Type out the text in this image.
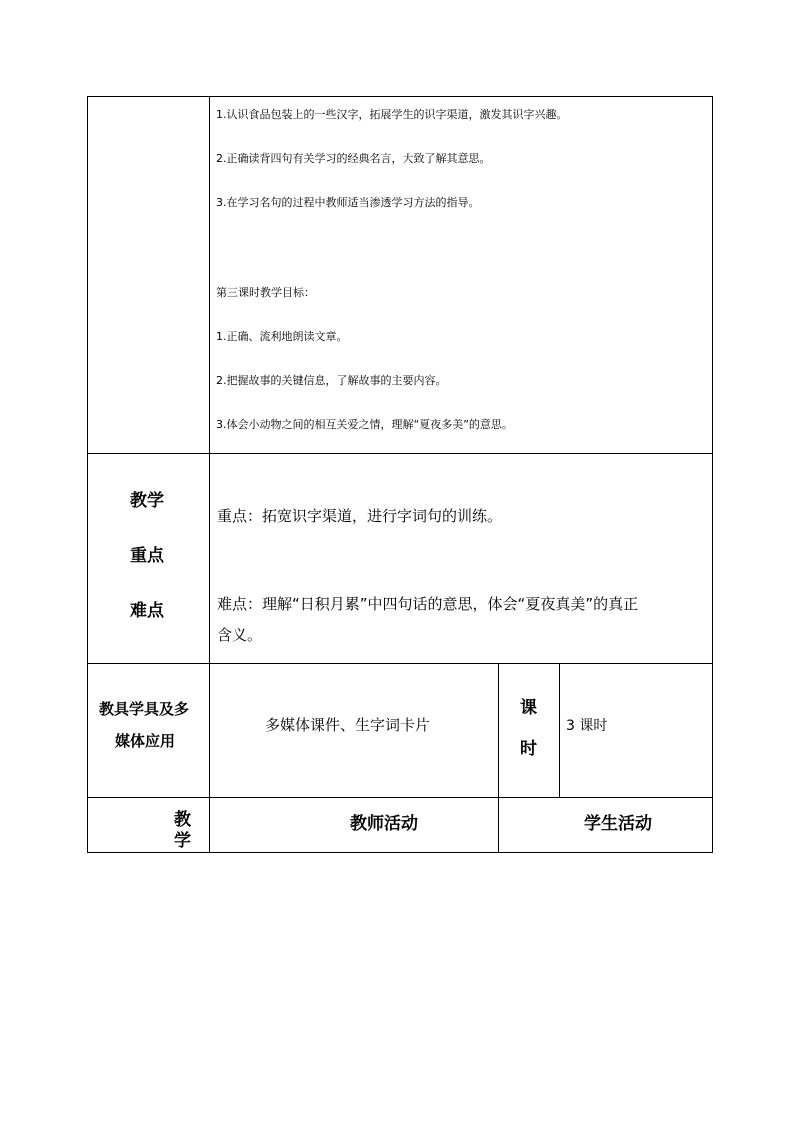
1.认识食品包装上的一些汉字，拓展学生的识字渠道，激发其识字兴趣。
2.正确读背四句有关学习的经典名言，大致了解其意思。
3.在学习名句的过程中教师适当渗透学习方法的指导。
第三课时教学目标：
1.正确、流利地朗读文章。
2.把握故事的关键信息，了解故事的主要内容。
3.体会小动物之间的相互关爱之情，理解“夏夜多美”的意思。
教学
重点
难点
重点：拓宽识字渠道，进行字词句的训练。
难点：理解“日积月累”中四句话的意思，体会“夏夜真美”的真正
含义。
教具学具及多
媒体应用
多媒体课件、生字词卡片
课
时
3 课时
教
学
教师活动	学生活动
